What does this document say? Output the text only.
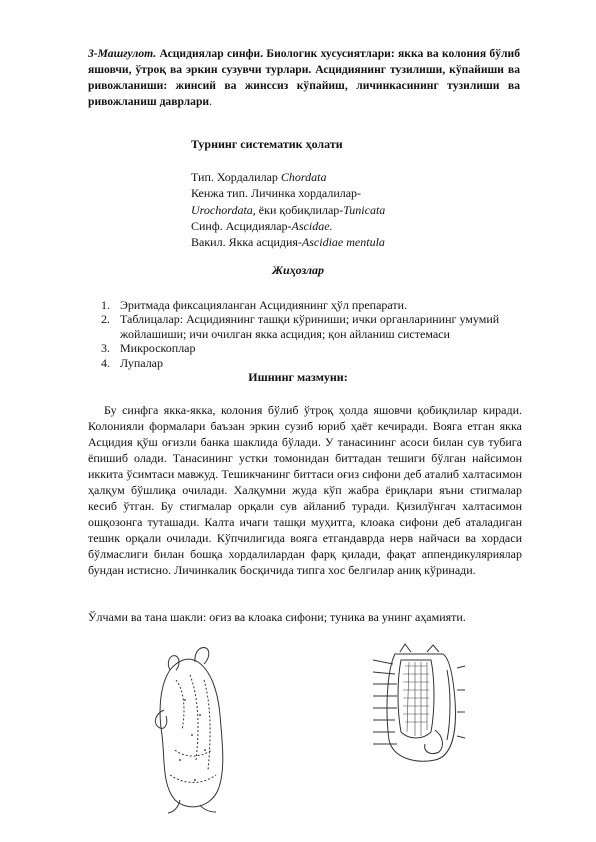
3-Машғулот. Асцидиялар синфи. Биологик хусусиятлари: якка ва колония бўлиб яшовчи, ўтроқ ва эркин сузувчи турлари. Асцидиянинг тузилиши, кўпайиши ва ривожланиши: жинсий ва жинссиз кўпайиш, личинкасининг тузилиши ва ривожланиш даврлари.
Турнинг систематик ҳолати
Тип. Хордалилар Chordata
Кенжа тип. Личинка хордалилар-
Urochordata, ёки қобиқлилар-Tunicata
Синф. Асцидиялар-Ascidae.
Вакил. Якка асцидия-Ascidiae mentula
Жиҳозлар
1. Эритмада фиксацияланган Асцидиянинг ҳўл препарати.
2. Таблицалар: Асцидиянинг ташқи кўриниши; ички органларининг умумий жойлашиши; ичи очилган якка асцидия; қон айланиш системаси
3. Микроскоплар
4. Лупалар
Ишнинг мазмуни:
Бу синфга якка-якка, колония бўлиб ўтроқ ҳолда яшовчи қобиқлилар киради. Колонияли формалари баъзан эркин сузиб юриб ҳаёт кечиради. Вояга етган якка Асцидия қўш оғизли банка шаклида бўлади. У танасининг асоси билан сув тубига ёпишиб олади. Танасининг устки томонидан биттадан тешиги бўлган найсимон иккита ўсимтаси мавжуд. Тешикчанинг биттаси оғиз сифони деб аталиб халтасимон ҳалқум бўшлиқа очилади. Халқумни жуда кўп жабра ёриқлари яъни стигмалар кесиб ўтган. Бу стигмалар орқали сув айланиб туради. Қизилўнгач халтасимон ошқозонга туташади. Калта ичаги ташқи муҳитга, клоака сифони деб аталадиган тешик орқали очилади. Кўпчилигида вояга етгандаврда нерв найчаси ва хордаси бўлмаслиги билан бошқа хордалилардан фарқ қилади, фақат аппендикуляриялар бундан истисно. Личинкалик босқичида типга хос белгилар аниқ кўринади.
Ўлчами ва тана шакли: оғиз ва клоака сифони; туника ва унинг аҳамияти.
